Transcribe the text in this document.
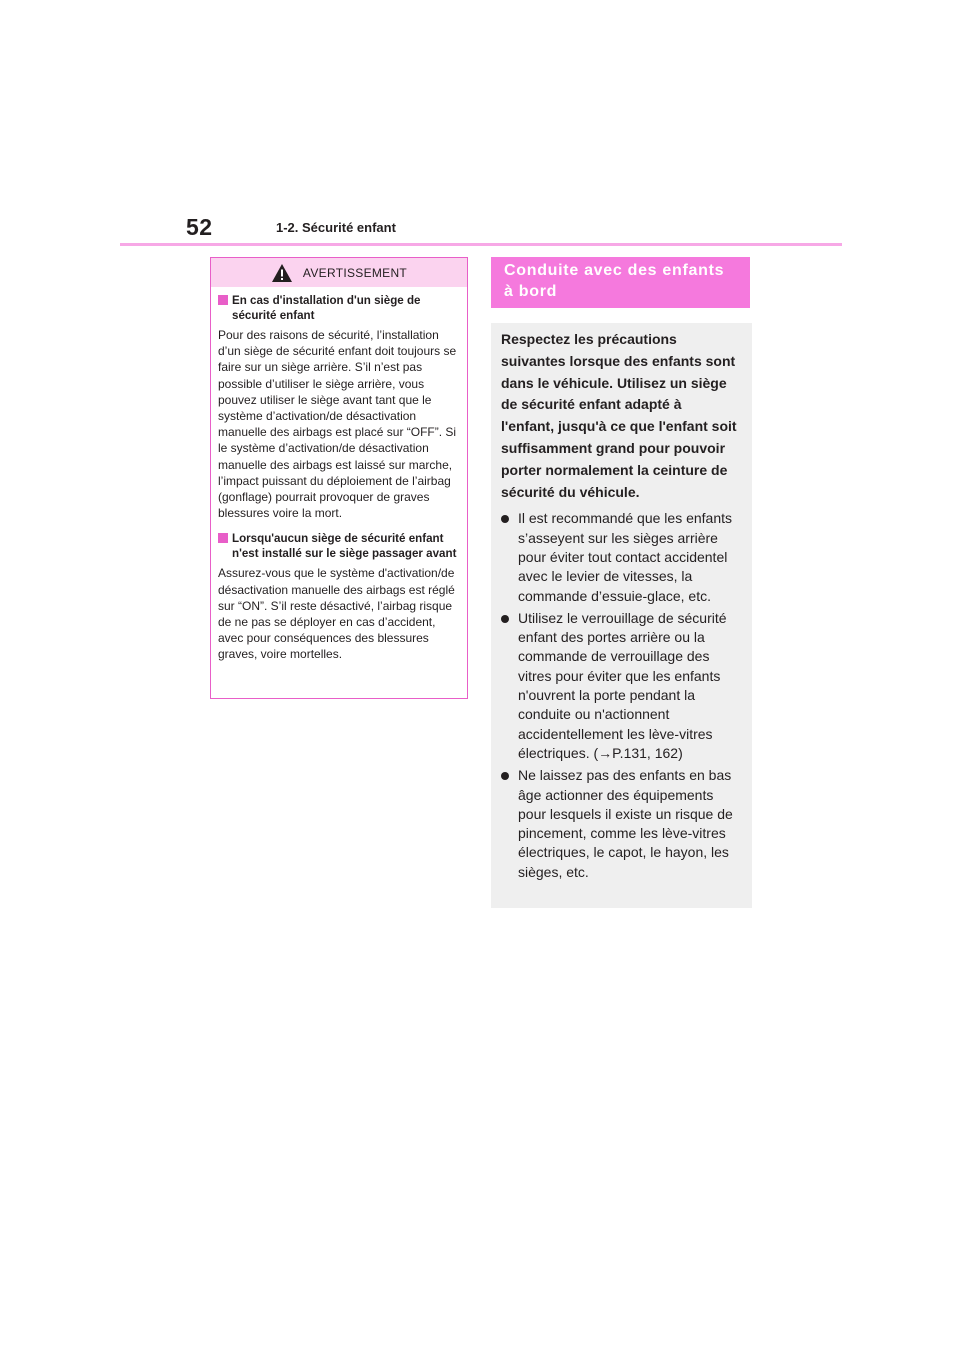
52	1-2. Sécurité enfant
AVERTISSEMENT
En cas d'installation d'un siège de sécurité enfant
Pour des raisons de sécurité, l’installation d’un siège de sécurité enfant doit toujours se faire sur un siège arrière. S’il n’est pas possible d’utiliser le siège arrière, vous pouvez utiliser le siège avant tant que le système d’activation/de désactivation manuelle des airbags est placé sur “OFF”. Si le système d’activation/de désactivation manuelle des airbags est laissé sur marche, l’impact puissant du déploiement de l’airbag (gonflage) pourrait provoquer de graves blessures voire la mort.
Lorsqu'aucun siège de sécurité enfant n'est installé sur le siège passager avant
Assurez-vous que le système d'activation/de désactivation manuelle des airbags est réglé sur “ON”. S’il reste désactivé, l’airbag risque de ne pas se déployer en cas d’accident, avec pour conséquences des blessures graves, voire mortelles.
Conduite avec des enfants à bord

Respectez les précautions suivantes lorsque des enfants sont dans le véhicule. Utilisez un siège de sécurité enfant adapté à l'enfant, jusqu'à ce que l'enfant soit suffisamment grand pour pouvoir porter normalement la ceinture de sécurité du véhicule.

Il est recommandé que les enfants s’asseyent sur les sièges arrière pour éviter tout contact accidentel avec le levier de vitesses, la commande d’essuie-glace, etc.
Utilisez le verrouillage de sécurité enfant des portes arrière ou la commande de verrouillage des vitres pour éviter que les enfants n'ouvrent la porte pendant la conduite ou n'actionnent accidentellement les lève-vitres électriques. (→P.131, 162)
Ne laissez pas des enfants en bas âge actionner des équipements pour lesquels il existe un risque de pincement, comme les lève-vitres électriques, le capot, le hayon, les sièges, etc.
